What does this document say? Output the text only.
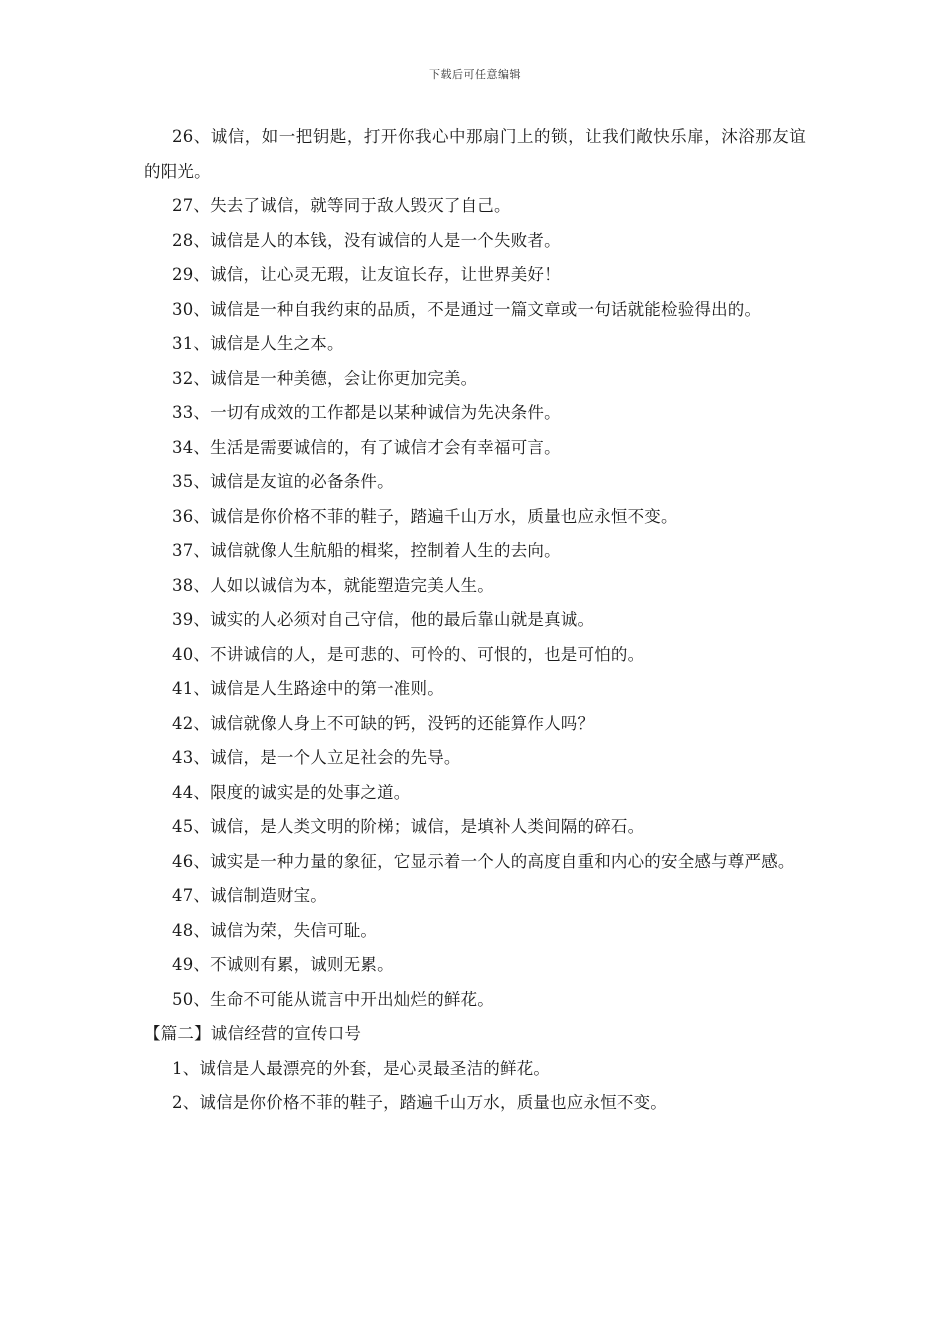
下载后可任意编辑

26、诚信，如一把钥匙，打开你我心中那扇门上的锁，让我们敞快乐扉，沐浴那友谊的阳光。

27、失去了诚信，就等同于敌人毁灭了自己。

28、诚信是人的本钱，没有诚信的人是一个失败者。

29、诚信，让心灵无瑕，让友谊长存，让世界美好！

30、诚信是一种自我约束的品质，不是通过一篇文章或一句话就能检验得出的。

31、诚信是人生之本。

32、诚信是一种美德，会让你更加完美。

33、一切有成效的工作都是以某种诚信为先决条件。

34、生活是需要诚信的，有了诚信才会有幸福可言。

35、诚信是友谊的必备条件。

36、诚信是你价格不菲的鞋子，踏遍千山万水，质量也应永恒不变。

37、诚信就像人生航船的楫桨，控制着人生的去向。

38、人如以诚信为本，就能塑造完美人生。

39、诚实的人必须对自己守信，他的最后靠山就是真诚。

40、不讲诚信的人，是可悲的、可怜的、可恨的，也是可怕的。

41、诚信是人生路途中的第一准则。

42、诚信就像人身上不可缺的钙，没钙的还能算作人吗？

43、诚信，是一个人立足社会的先导。

44、限度的诚实是的处事之道。

45、诚信，是人类文明的阶梯；诚信，是填补人类间隔的碎石。

46、诚实是一种力量的象征，它显示着一个人的高度自重和内心的安全感与尊严感。

47、诚信制造财宝。

48、诚信为荣，失信可耻。

49、不诚则有累，诚则无累。

50、生命不可能从谎言中开出灿烂的鲜花。

【篇二】诚信经营的宣传口号

1、诚信是人最漂亮的外套，是心灵最圣洁的鲜花。

2、诚信是你价格不菲的鞋子，踏遍千山万水，质量也应永恒不变。
